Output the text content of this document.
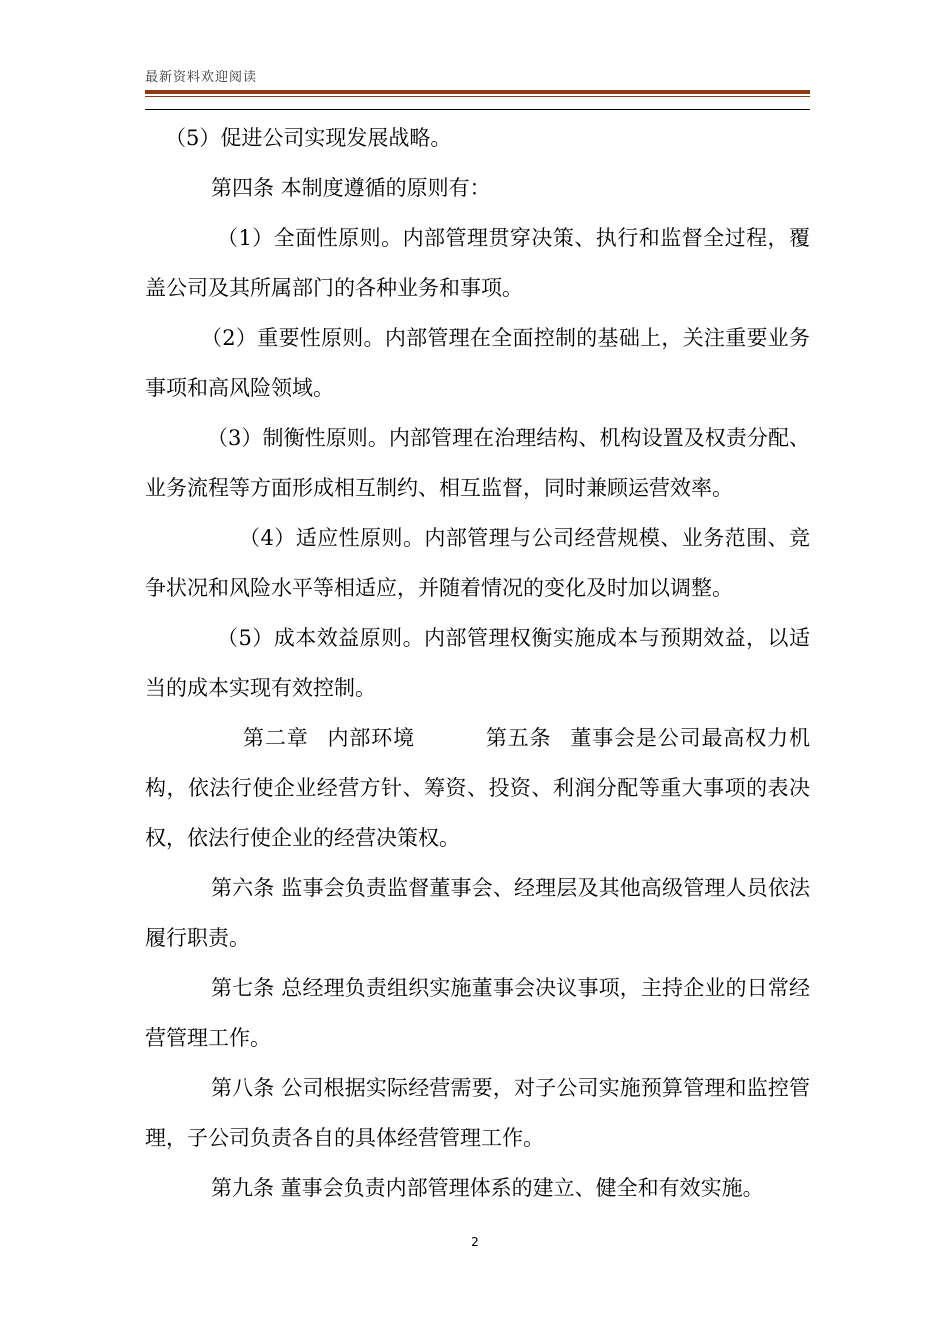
最新资料欢迎阅读

（5）促进公司实现发展战略。

第四条 本制度遵循的原则有：

（1）全面性原则。内部管理贯穿决策、执行和监督全过程，覆盖公司及其所属部门的各种业务和事项。

（2）重要性原则。内部管理在全面控制的基础上，关注重要业务事项和高风险领域。

（3）制衡性原则。内部管理在治理结构、机构设置及权责分配、业务流程等方面形成相互制约、相互监督，同时兼顾运营效率。

（4）适应性原则。内部管理与公司经营规模、业务范围、竞争状况和风险水平等相适应，并随着情况的变化及时加以调整。

（5）成本效益原则。内部管理权衡实施成本与预期效益，以适当的成本实现有效控制。

第二章 内部环境	第五条 董事会是公司最高权力机构，依法行使企业经营方针、筹资、投资、利润分配等重大事项的表决权，依法行使企业的经营决策权。

第六条 监事会负责监督董事会、经理层及其他高级管理人员依法履行职责。

第七条 总经理负责组织实施董事会决议事项，主持企业的日常经营管理工作。

第八条 公司根据实际经营需要，对子公司实施预算管理和监控管理，子公司负责各自的具体经营管理工作。

第九条 董事会负责内部管理体系的建立、健全和有效实施。

2
